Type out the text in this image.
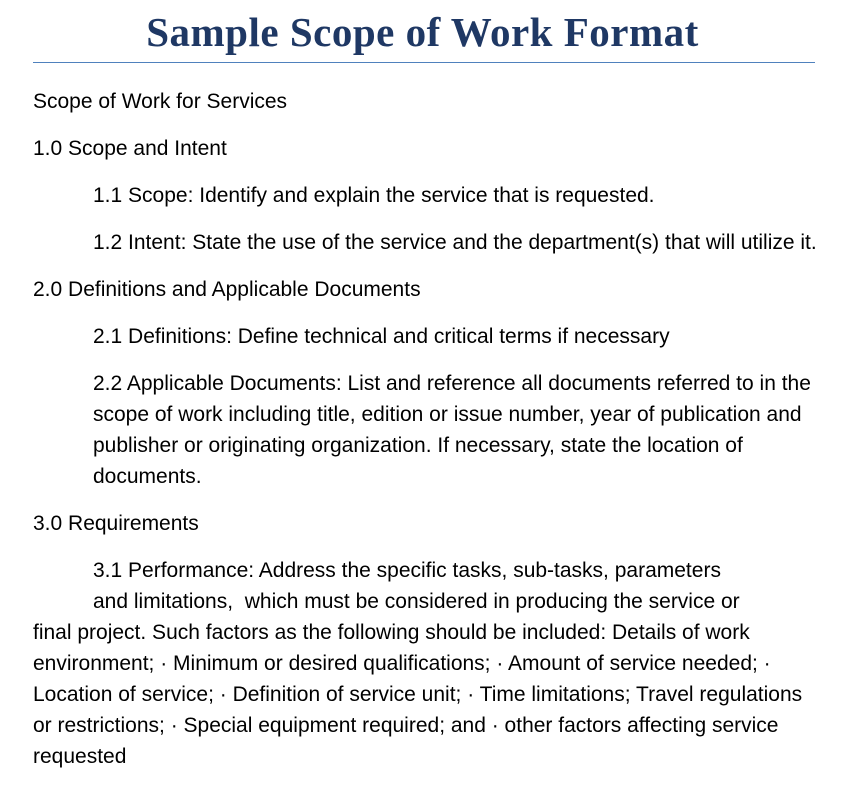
Sample Scope of Work Format

Scope of Work for Services

1.0 Scope and Intent

1.1 Scope: Identify and explain the service that is requested.

1.2 Intent: State the use of the service and the department(s) that will utilize it.

2.0 Definitions and Applicable Documents

2.1 Definitions: Define technical and critical terms if necessary

2.2 Applicable Documents: List and reference all documents referred to in the scope of work including title, edition or issue number, year of publication and publisher or originating organization. If necessary, state the location of documents.

3.0 Requirements

3.1 Performance: Address the specific tasks, sub-tasks, parameters
and limitations,  which must be considered in producing the service or
final project. Such factors as the following should be included: Details of work environment; · Minimum or desired qualifications; · Amount of service needed; · Location of service; · Definition of service unit; · Time limitations; Travel regulations or restrictions; · Special equipment required; and · other factors affecting service requested
